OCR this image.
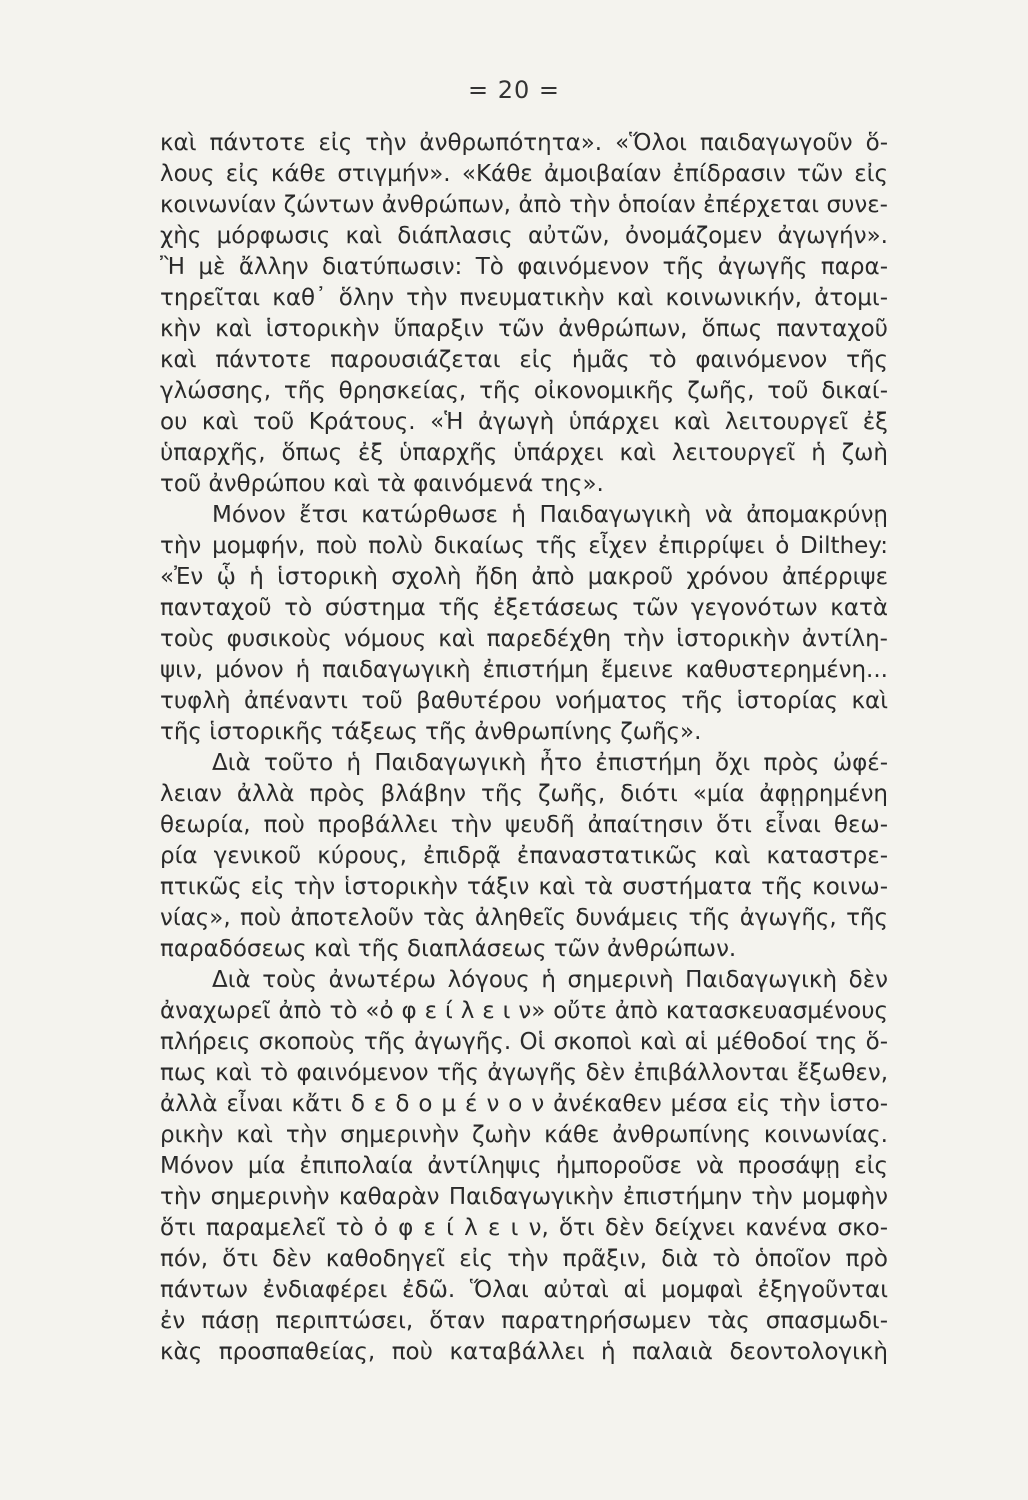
= 20 =
καὶ πάντοτε εἰς τὴν ἀνθρωπότητα». «Ὅλοι παιδαγωγοῦν ὅ-
λους εἰς κάθε στιγμήν». «Κάθε ἀμοιβαίαν ἐπίδρασιν τῶν εἰς
κοινωνίαν ζώντων ἀνθρώπων, ἀπὸ τὴν ὁποίαν ἐπέρχεται συνε-
χὴς μόρφωσις καὶ διάπλασις αὐτῶν, ὀνομάζομεν ἀγωγήν».
Ἢ μὲ ἄλλην διατύπωσιν: Τὸ φαινόμενον τῆς ἀγωγῆς παρα-
τηρεῖται καθ᾽ ὅλην τὴν πνευματικὴν καὶ κοινωνικήν, ἀτομι-
κὴν καὶ ἱστορικὴν ὕπαρξιν τῶν ἀνθρώπων, ὅπως πανταχοῦ
καὶ πάντοτε παρουσιάζεται εἰς ἡμᾶς τὸ φαινόμενον τῆς
γλώσσης, τῆς θρησκείας, τῆς οἰκονομικῆς ζωῆς, τοῦ δικαί-
ου καὶ τοῦ Κράτους. «Ἡ ἀγωγὴ ὑπάρχει καὶ λειτουργεῖ ἐξ
ὑπαρχῆς, ὅπως ἐξ ὑπαρχῆς ὑπάρχει καὶ λειτουργεῖ ἡ ζωὴ
τοῦ ἀνθρώπου καὶ τὰ φαινόμενά της».
Μόνον ἔτσι κατώρθωσε ἡ Παιδαγωγικὴ νὰ ἀπομακρύνῃ
τὴν μομφήν, ποὺ πολὺ δικαίως τῆς εἶχεν ἐπιρρίψει ὁ Dilthey:
«Ἐν ᾧ ἡ ἱστορικὴ σχολὴ ἤδη ἀπὸ μακροῦ χρόνου ἀπέρριψε
πανταχοῦ τὸ σύστημα τῆς ἐξετάσεως τῶν γεγονότων κατὰ
τοὺς φυσικοὺς νόμους καὶ παρεδέχθη τὴν ἱστορικὴν ἀντίλη-
ψιν, μόνον ἡ παιδαγωγικὴ ἐπιστήμη ἔμεινε καθυστερημένη...
τυφλὴ ἀπέναντι τοῦ βαθυτέρου νοήματος τῆς ἱστορίας καὶ
τῆς ἱστορικῆς τάξεως τῆς ἀνθρωπίνης ζωῆς».
Διὰ τοῦτο ἡ Παιδαγωγικὴ ἦτο ἐπιστήμη ὄχι πρὸς ὠφέ-
λειαν ἀλλὰ πρὸς βλάβην τῆς ζωῆς, διότι «μία ἀφῃρημένη
θεωρία, ποὺ προβάλλει τὴν ψευδῆ ἀπαίτησιν ὅτι εἶναι θεω-
ρία γενικοῦ κύρους, ἐπιδρᾷ ἐπαναστατικῶς καὶ καταστρε-
πτικῶς εἰς τὴν ἱστορικὴν τάξιν καὶ τὰ συστήματα τῆς κοινω-
νίας», ποὺ ἀποτελοῦν τὰς ἀληθεῖς δυνάμεις τῆς ἀγωγῆς, τῆς
παραδόσεως καὶ τῆς διαπλάσεως τῶν ἀνθρώπων.
Διὰ τοὺς ἀνωτέρω λόγους ἡ σημερινὴ Παιδαγωγικὴ δὲν
ἀναχωρεῖ ἀπὸ τὸ «ὀ φ ε ί λ ε ι ν» οὔτε ἀπὸ κατασκευασμένους
πλήρεις σκοποὺς τῆς ἀγωγῆς. Οἱ σκοποὶ καὶ αἱ μέθοδοί της ὅ-
πως καὶ τὸ φαινόμενον τῆς ἀγωγῆς δὲν ἐπιβάλλονται ἔξωθεν,
ἀλλὰ εἶναι κἄτι δ ε δ ο μ έ ν ο ν ἀνέκαθεν μέσα εἰς τὴν ἱστο-
ρικὴν καὶ τὴν σημερινὴν ζωὴν κάθε ἀνθρωπίνης κοινωνίας.
Μόνον μία ἐπιπολαία ἀντίληψις ἠμποροῦσε νὰ προσάψῃ εἰς
τὴν σημερινὴν καθαρὰν Παιδαγωγικὴν ἐπιστήμην τὴν μομφὴν
ὅτι παραμελεῖ τὸ ὀ φ ε ί λ ε ι ν, ὅτι δὲν δείχνει κανένα σκο-
πόν, ὅτι δὲν καθοδηγεῖ εἰς τὴν πρᾶξιν, διὰ τὸ ὁποῖον πρὸ
πάντων ἐνδιαφέρει ἐδῶ. Ὅλαι αὐταὶ αἱ μομφαὶ ἐξηγοῦνται
ἐν πάσῃ περιπτώσει, ὅταν παρατηρήσωμεν τὰς σπασμωδι-
κὰς προσπαθείας, ποὺ καταβάλλει ἡ παλαιὰ δεοντολογικὴ
